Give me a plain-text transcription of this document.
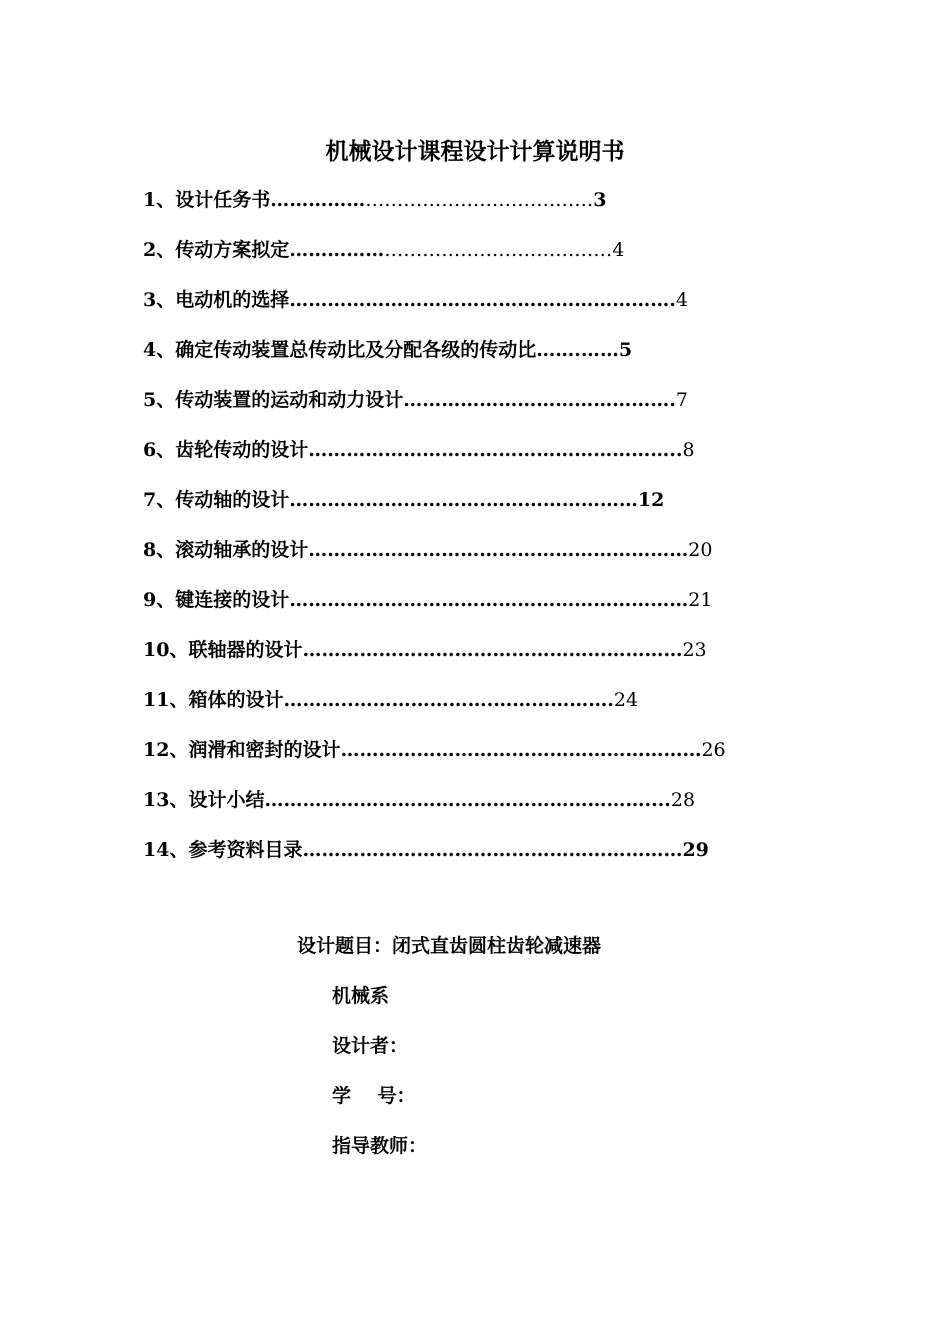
机械设计课程设计计算说明书
1、设计任务书……………………………………………3
2、传动方案拟定……………………………………………4
3、电动机的选择…………………………………………………….4
4、确定传动装置总传动比及分配各级的传动比…….……5
5、传动装置的运动和动力设计…………………………………….7
6、齿轮传动的设计…………………………………………………..8
7、传动轴的设计………………………….……………………12
8、滚动轴承的设计……………………………………………………20
9、键连接的设计………………………………………………………21
10、联轴器的设计……………………………………………………23
11、箱体的设计………..………………….……………….24
12、润滑和密封的设计…………………………………………………26
13、设计小结……………………………………………………....28
14、参考资料目录……………………………………………………29
设计题目：闭式直齿圆柱齿轮减速器
机械系
设计者：
学    号：
指导教师：
